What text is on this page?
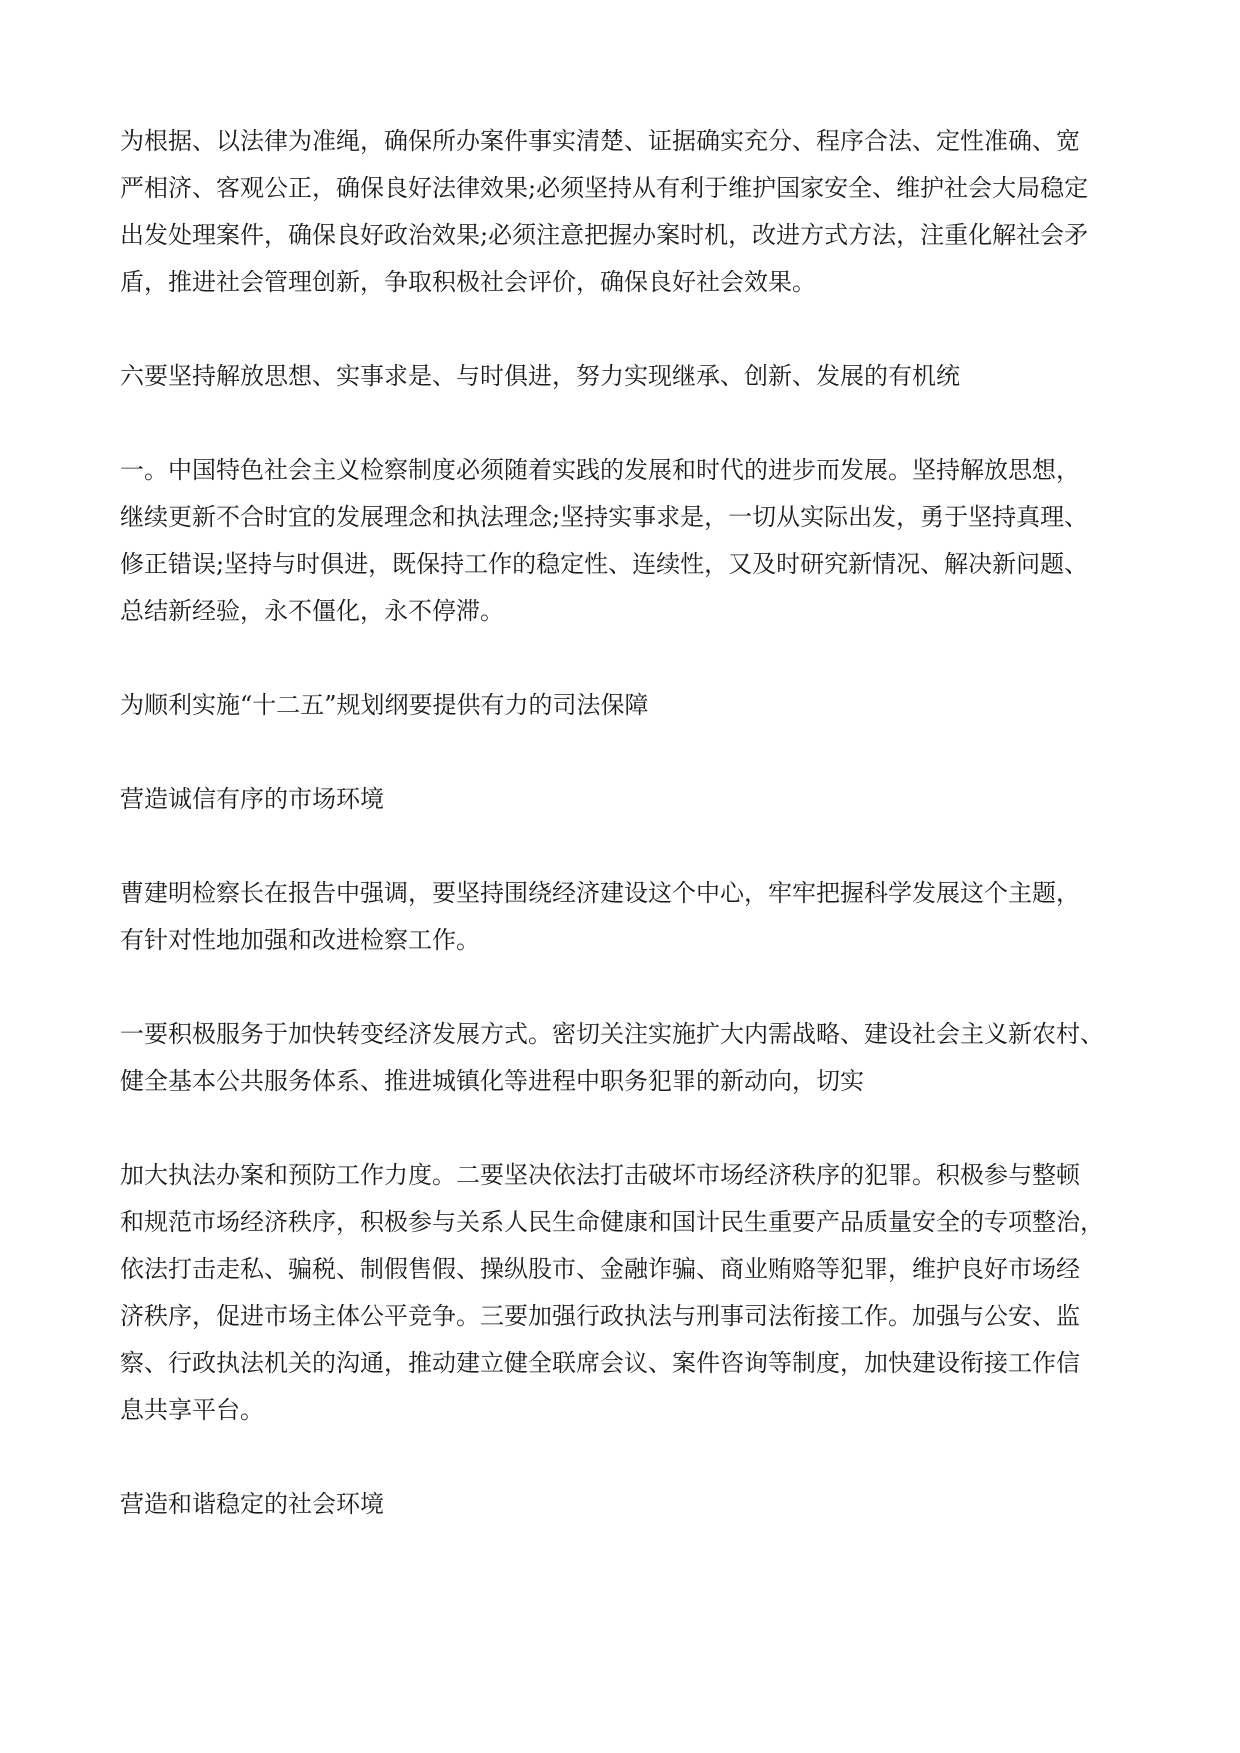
为根据、以法律为准绳，确保所办案件事实清楚、证据确实充分、程序合法、定性准确、宽
严相济、客观公正，确保良好法律效果;必须坚持从有利于维护国家安全、维护社会大局稳定
出发处理案件，确保良好政治效果;必须注意把握办案时机，改进方式方法，注重化解社会矛
盾，推进社会管理创新，争取积极社会评价，确保良好社会效果。

六要坚持解放思想、实事求是、与时俱进，努力实现继承、创新、发展的有机统

一。中国特色社会主义检察制度必须随着实践的发展和时代的进步而发展。坚持解放思想，
继续更新不合时宜的发展理念和执法理念;坚持实事求是，一切从实际出发，勇于坚持真理、
修正错误;坚持与时俱进，既保持工作的稳定性、连续性，又及时研究新情况、解决新问题、
总结新经验，永不僵化，永不停滞。

为顺利实施“十二五”规划纲要提供有力的司法保障

营造诚信有序的市场环境

曹建明检察长在报告中强调，要坚持围绕经济建设这个中心，牢牢把握科学发展这个主题，
有针对性地加强和改进检察工作。

一要积极服务于加快转变经济发展方式。密切关注实施扩大内需战略、建设社会主义新农村、
健全基本公共服务体系、推进城镇化等进程中职务犯罪的新动向，切实

加大执法办案和预防工作力度。二要坚决依法打击破坏市场经济秩序的犯罪。积极参与整顿
和规范市场经济秩序，积极参与关系人民生命健康和国计民生重要产品质量安全的专项整治，
依法打击走私、骗税、制假售假、操纵股市、金融诈骗、商业贿赂等犯罪，维护良好市场经
济秩序，促进市场主体公平竞争。三要加强行政执法与刑事司法衔接工作。加强与公安、监
察、行政执法机关的沟通，推动建立健全联席会议、案件咨询等制度，加快建设衔接工作信
息共享平台。

营造和谐稳定的社会环境
